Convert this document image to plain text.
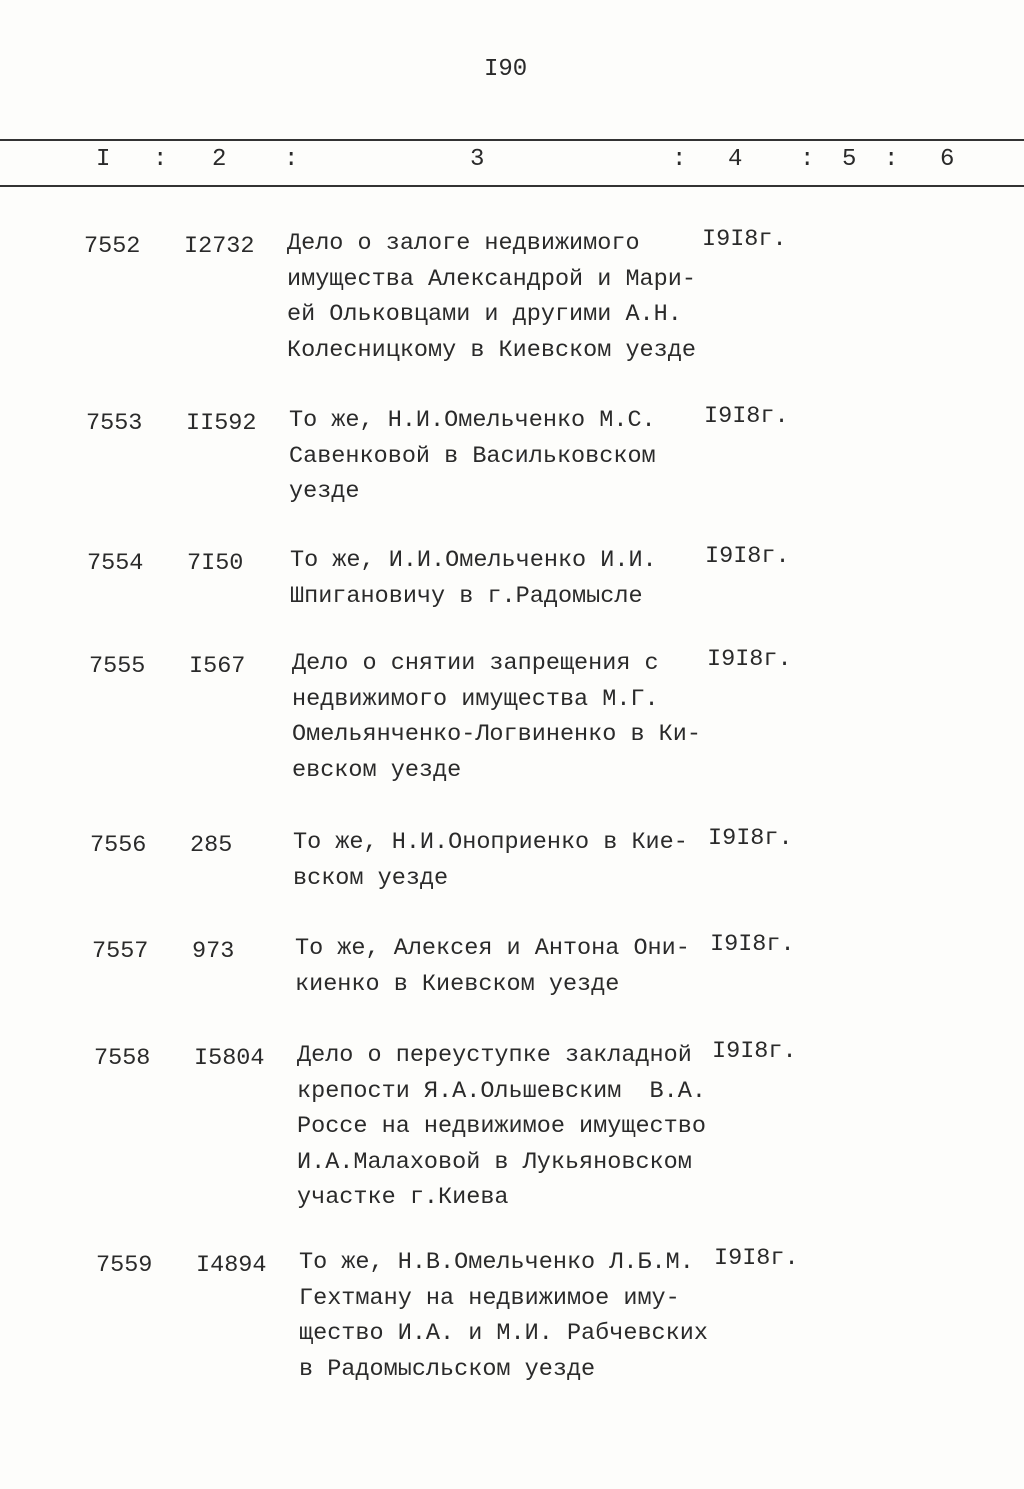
I90
I : 2 :	3	: 4 : 5 : 6
7552 I2732 Дело о залоге недвижимого
имущества Александрой и Мари-
ей Ольковцами и другими А.Н.
Колесницкому в Киевском уезде
I9I8г.
7553 II592 То же, Н.И.Омельченко М.С.
Савенковой в Васильковском
уезде
I9I8г.
7554 7I50 То же, И.И.Омельченко И.И.
Шпигановичу в г.Радомысле
I9I8г.
7555 I567 Дело о снятии запрещения с
недвижимого имущества М.Г.
Омельянченко-Логвиненко в Ки-
евском уезде
I9I8г.
7556 285	То же, Н.И.Оноприенко в Кие-
вском уезде
I9I8г.
7557 973	То же, Алексея и Антона Они-
киенко в Киевском уезде
I9I8г.
7558 I5804 Дело о переуступке закладной
крепости Я.А.Ольшевским  В.А.
Россе на недвижимое имущество
И.А.Малаховой в Лукьяновском
участке г.Киева
I9I8г.
7559 I4894 То же, Н.В.Омельченко Л.Б.М.
Гехтману на недвижимое иму-
щество И.А. и М.И. Рабчевских
в Радомысльском уезде
I9I8г.
